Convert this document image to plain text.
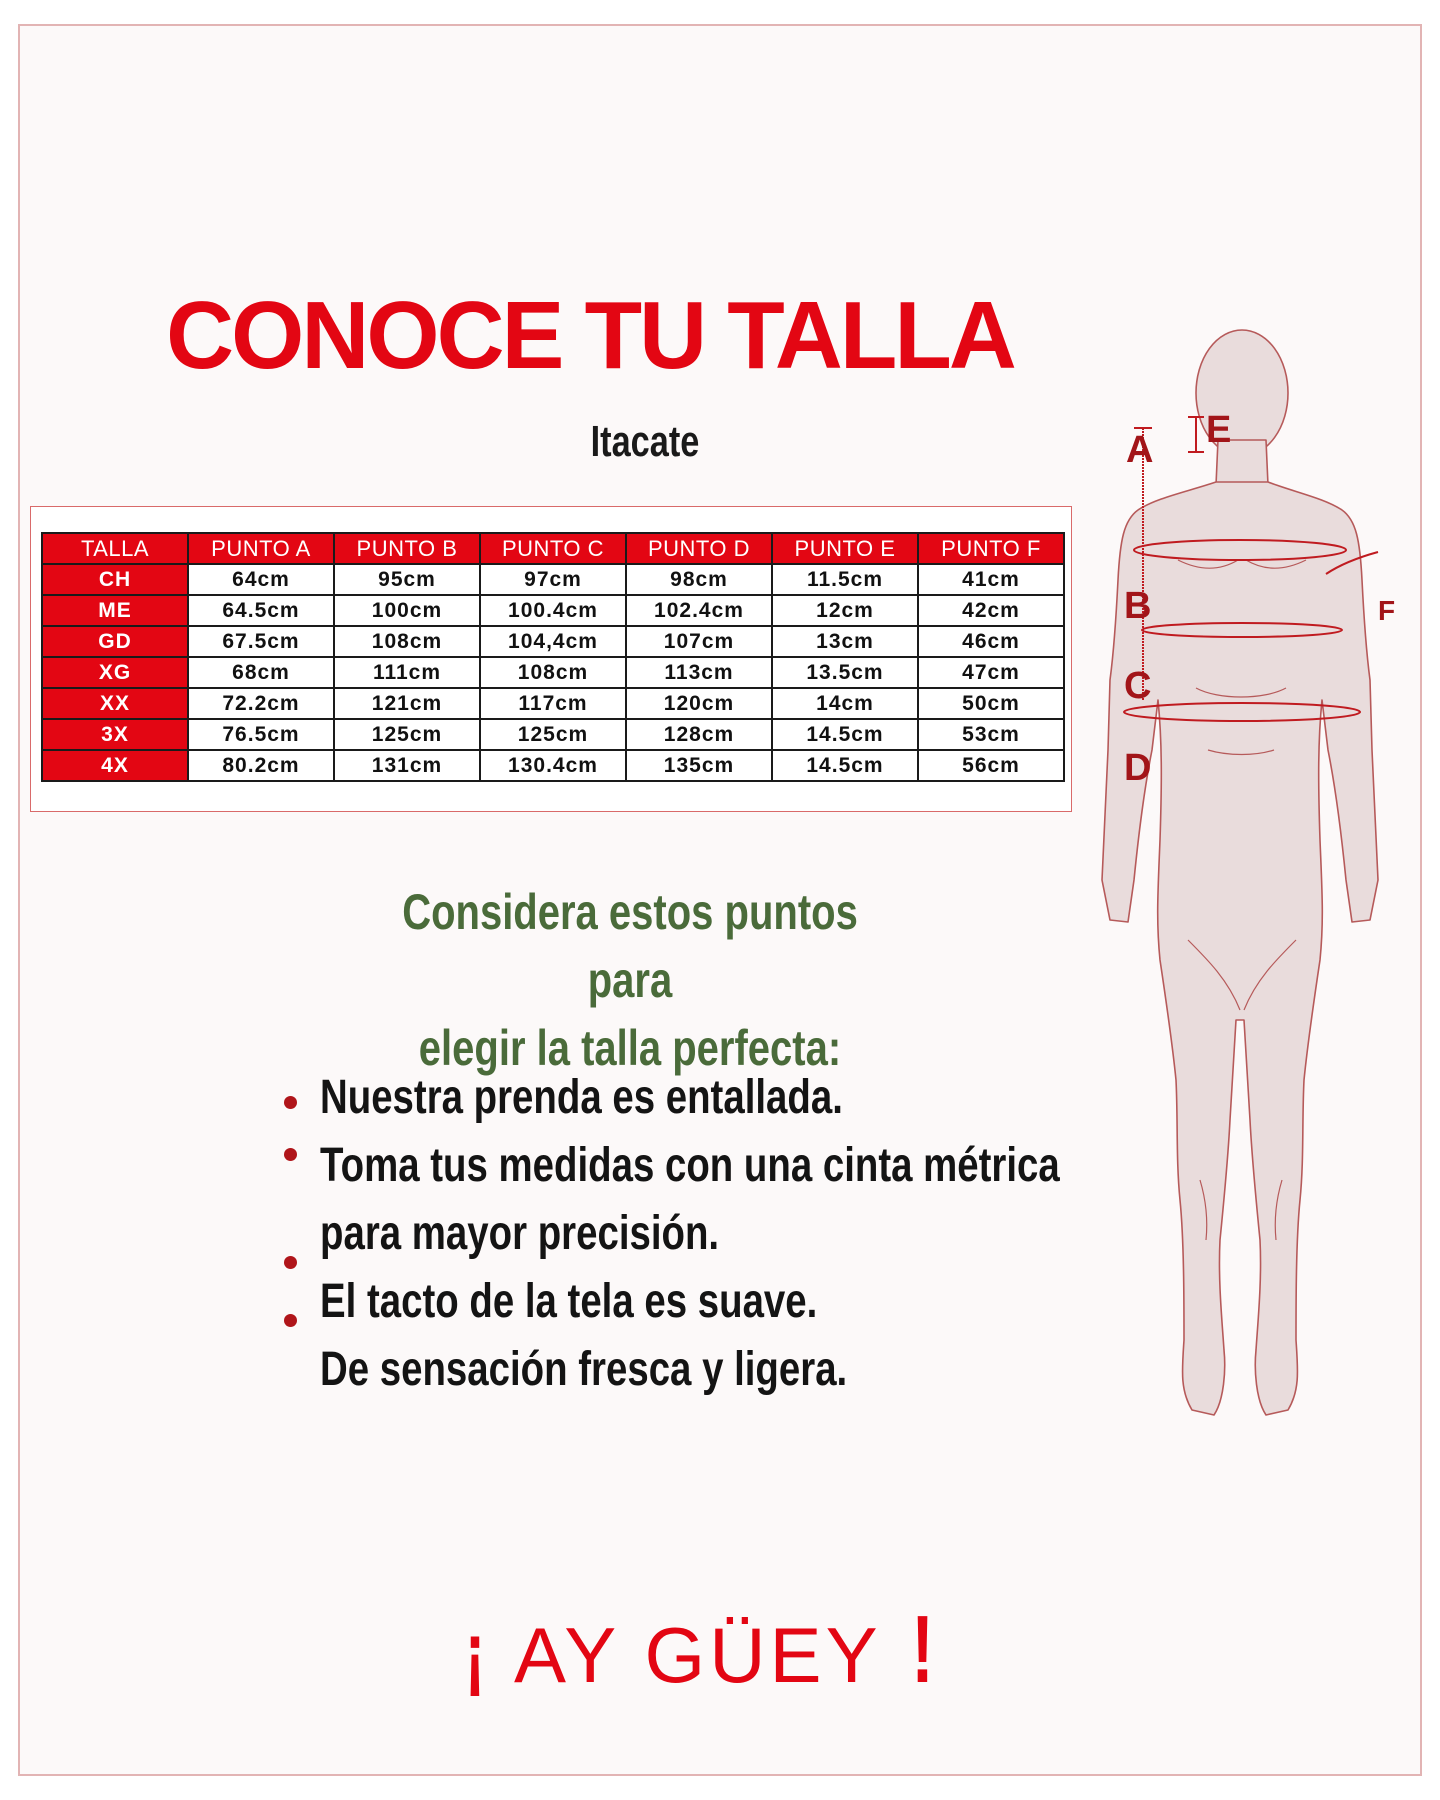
CONOCE TU TALLA
Itacate
TALLA	PUNTO A	PUNTO B	PUNTO C	PUNTO D	PUNTO E	PUNTO F
CH	64cm	95cm	97cm	98cm	11.5cm	41cm
ME	64.5cm	100cm	100.4cm	102.4cm	12cm	42cm
GD	67.5cm	108cm	104,4cm	107cm	13cm	46cm
XG	68cm	111cm	108cm	113cm	13.5cm	47cm
XX	72.2cm	121cm	117cm	120cm	14cm	50cm
3X	76.5cm	125cm	125cm	128cm	14.5cm	53cm
4X	80.2cm	131cm	130.4cm	135cm	14.5cm	56cm
Considera estos puntos para
elegir la talla perfecta:
Nuestra prenda es entallada.
Toma tus medidas con una cinta métrica
para mayor precisión.
El tacto de la tela es suave.
De sensación fresca y ligera.
A E
B	F
C
D
¡ AY GÜEY !
